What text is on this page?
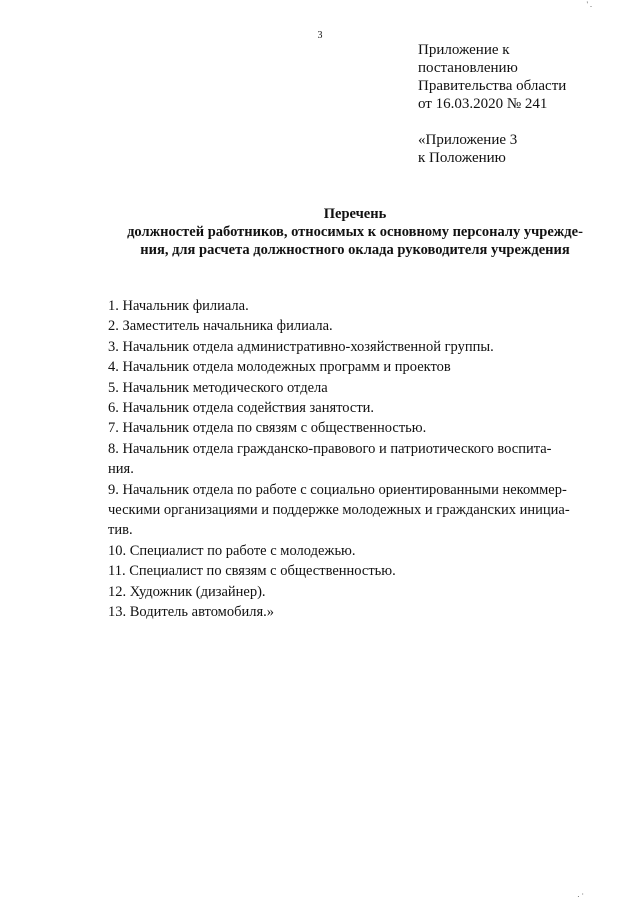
' .
3
Приложение к
постановлению
Правительства области
от 16.03.2020 № 241
«Приложение 3
к Положению
Перечень
должностей работников, относимых к основному персоналу учрежде-
ния, для расчета должностного оклада руководителя учреждения
1. Начальник филиала.
2. Заместитель начальника филиала.
3. Начальник отдела административно-хозяйственной группы.
4. Начальник отдела молодежных программ и проектов
5. Начальник методического отдела
6. Начальник отдела содействия занятости.
7. Начальник отдела по связям с общественностью.
8. Начальник отдела гражданско-правового и патриотического воспита-
ния.
9. Начальник отдела по работе с социально ориентированными некоммер-
ческими организациями и поддержке молодежных и гражданских инициа-
тив.
10. Специалист по работе с молодежью.
11. Специалист по связям с общественностью.
12. Художник (дизайнер).
13. Водитель автомобиля.»
. ·
